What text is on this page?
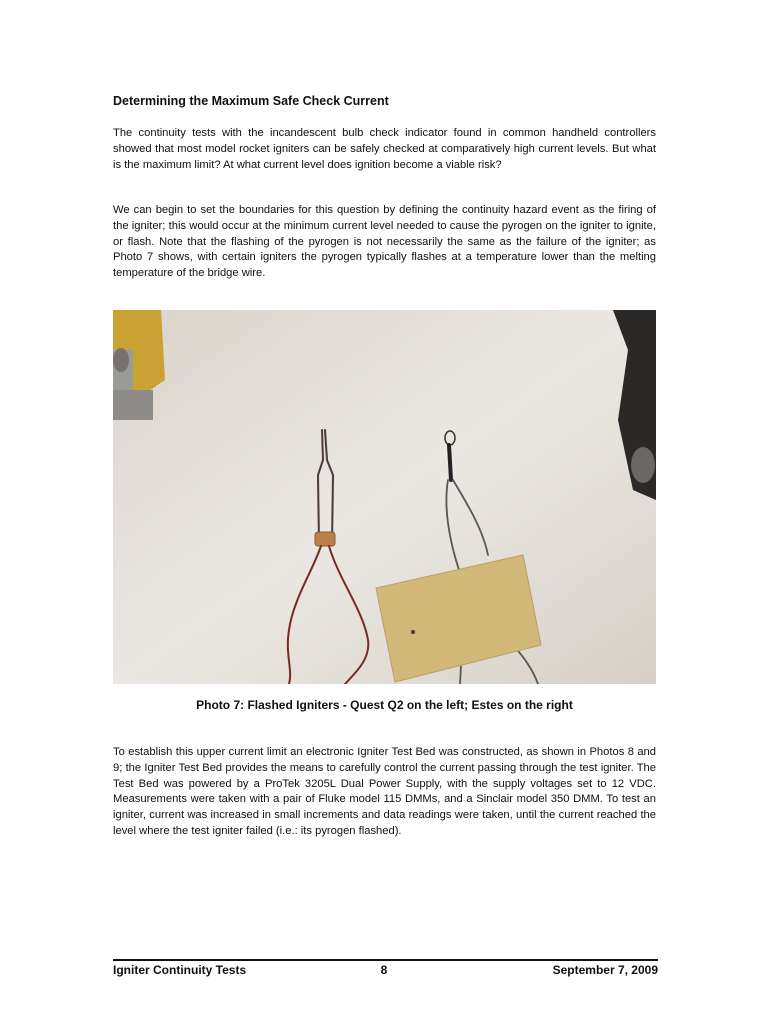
Determining the Maximum Safe Check Current

The continuity tests with the incandescent bulb check indicator found in common handheld controllers showed that most model rocket igniters can be safely checked at comparatively high current levels. But what is the maximum limit? At what current level does ignition become a viable risk?

We can begin to set the boundaries for this question by defining the continuity hazard event as the firing of the igniter; this would occur at the minimum current level needed to cause the pyrogen on the igniter to ignite, or flash. Note that the flashing of the pyrogen is not necessarily the same as the failure of the igniter; as Photo 7 shows, with certain igniters the pyrogen typically flashes at a temperature lower than the melting temperature of the bridge wire.

Photo 7: Flashed Igniters - Quest Q2 on the left; Estes on the right

To establish this upper current limit an electronic Igniter Test Bed was constructed, as shown in Photos 8 and 9; the Igniter Test Bed provides the means to carefully control the current passing through the test igniter. The Test Bed was powered by a ProTek 3205L Dual Power Supply, with the supply voltages set to 12 VDC. Measurements were taken with a pair of Fluke model 115 DMMs, and a Sinclair model 350 DMM. To test an igniter, current was increased in small increments and data readings were taken, until the current reached the level where the test igniter failed (i.e.: its pyrogen flashed).

Igniter Continuity Tests	8	September 7, 2009
